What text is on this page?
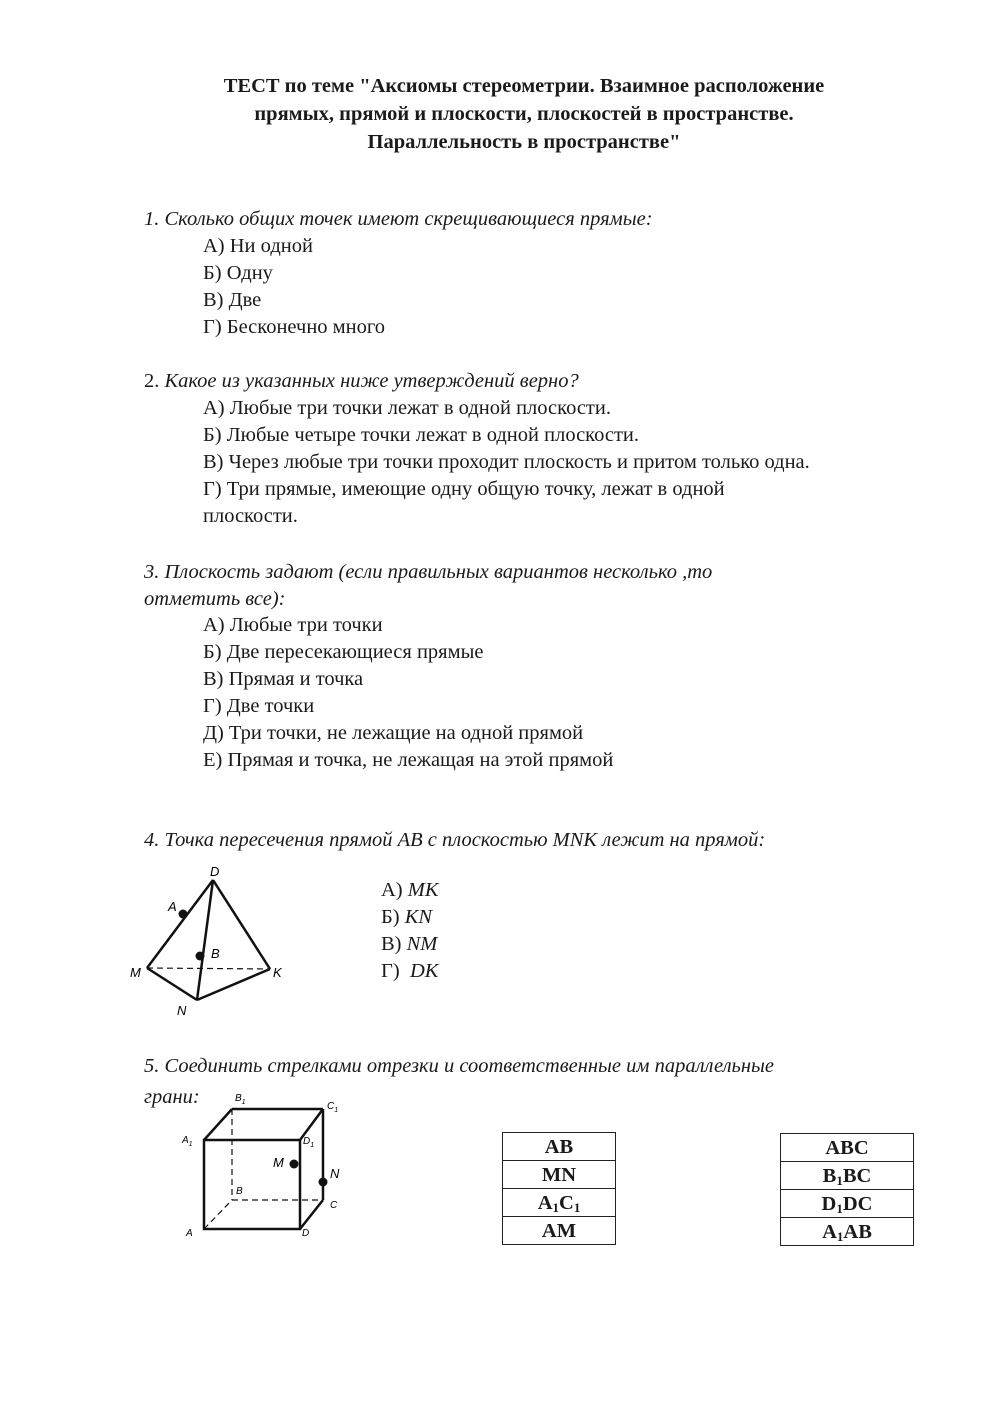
ТЕСТ по теме "Аксиомы стереометрии. Взаимное расположение
прямых, прямой и плоскости, плоскостей в пространстве.
Параллельность в пространстве"
1. Сколько общих точек имеют скрещивающиеся прямые:
А) Ни одной
Б) Одну
В) Две
Г) Бесконечно много
2. Какое из указанных ниже утверждений верно?
А) Любые три точки лежат в одной плоскости.
Б) Любые четыре точки лежат в одной плоскости.
В) Через любые три точки проходит плоскость и притом только одна.
Г) Три прямые, имеющие одну общую точку, лежат в одной
плоскости.
3. Плоскость задают (если правильных вариантов несколько ,то
отметить все):
А) Любые три точки
Б) Две пересекающиеся прямые
В) Прямая и точка
Г) Две точки
Д) Три точки, не лежащие на одной прямой
Е) Прямая и точка, не лежащая на этой прямой
4. Точка пересечения прямой AB с плоскостью MNK лежит на прямой:
D
A
B
M	K
N
А) MK
Б) KN
В) NM
Г)  DK
5. Соединить стрелками отрезки и соответственные им параллельные
грани:	$B_1$	$C_1$
$A_1$	$D_1$
M
N
B
C
A	D
AB
MN
$A_1C_1$
AM
ABC
$B_1BC$
$D_1DC$
$A_1AB$
